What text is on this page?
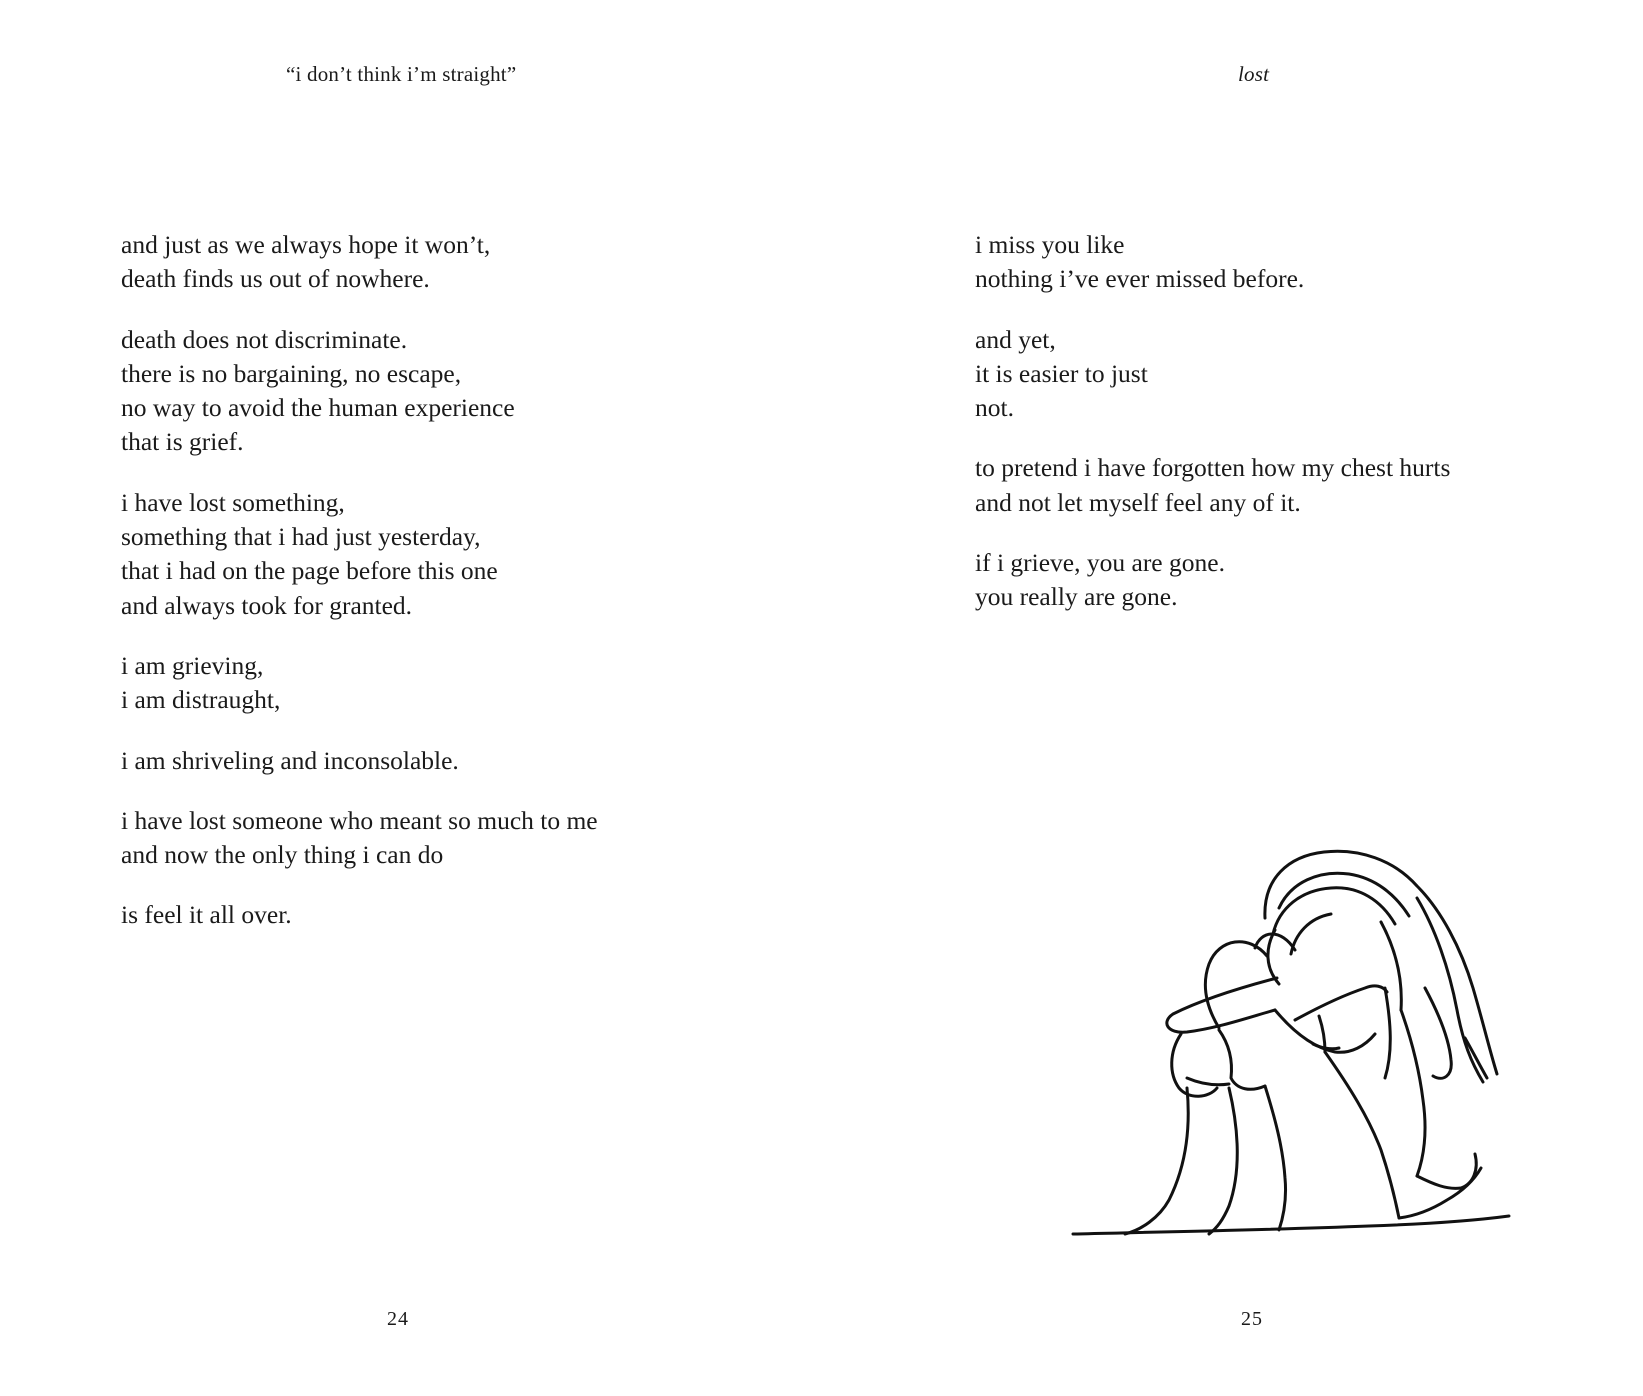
“i don’t think i’m straight”
and just as we always hope it won’t,
death finds us out of nowhere.
death does not discriminate.
there is no bargaining, no escape,
no way to avoid the human experience
that is grief.
i have lost something,
something that i had just yesterday,
that i had on the page before this one
and always took for granted.
i am grieving,
i am distraught,
i am shriveling and inconsolable.
i have lost someone who meant so much to me
and now the only thing i can do
is feel it all over.
24
lost
i miss you like
nothing i’ve ever missed before.
and yet,
it is easier to just
not.
to pretend i have forgotten how my chest hurts
and not let myself feel any of it.
if i grieve, you are gone.
you really are gone.
25
